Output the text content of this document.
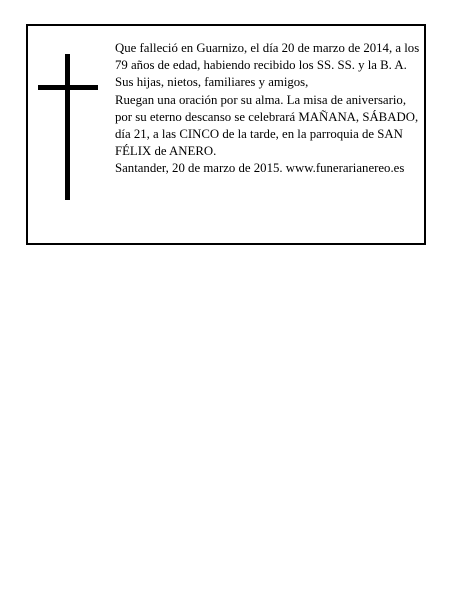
Que falleció en Guarnizo, el día 20 de marzo de 2014, a los 79 años de edad, habiendo recibido los SS. SS. y la B. A.

Sus hijas, nietos, familiares y amigos,

Ruegan una oración por su alma. La misa de aniversario, por su eterno descanso se celebrará MAÑANA, SÁBADO, día 21, a las CINCO de la tarde, en la parroquia de SAN FÉLIX de ANERO.

Santander, 20 de marzo de 2015. www.funerarianereo.es
